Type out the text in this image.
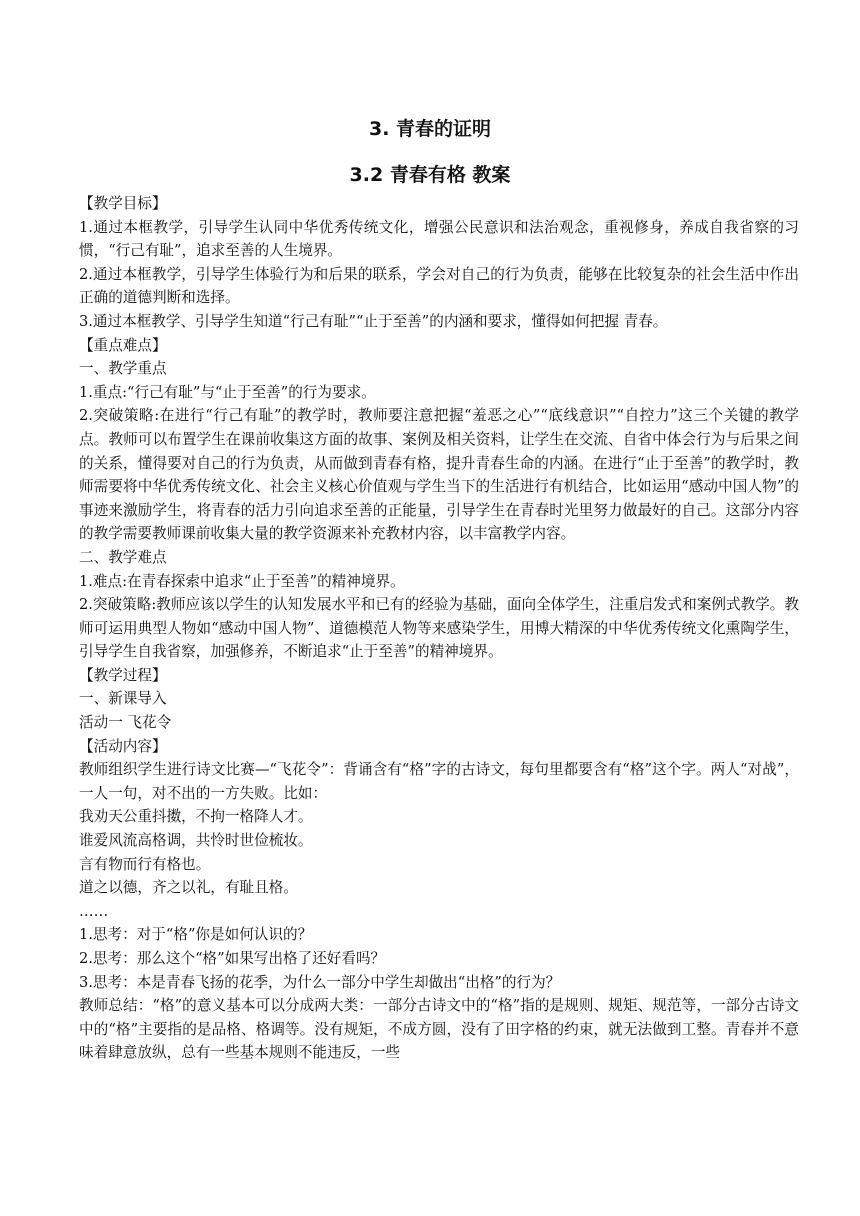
3. 青春的证明
3.2 青春有格 教案

【教学目标】

1.通过本框教学，引导学生认同中华优秀传统文化，增强公民意识和法治观念，重视修身，养成自我省察的习惯，“行己有耻”，追求至善的人生境界。

2.通过本框教学，引导学生体验行为和后果的联系，学会对自己的行为负责，能够在比较复杂的社会生活中作出正确的道德判断和选择。

3.通过本框教学、引导学生知道“行己有耻”“止于至善”的内涵和要求，懂得如何把握 青春。

【重点难点】

一、教学重点

1.重点:“行己有耻”与“止于至善”的行为要求。

2.突破策略:在进行“行己有耻”的教学时，教师要注意把握“羞恶之心”“底线意识”“自控力”这三个关键的教学点。教师可以布置学生在课前收集这方面的故事、案例及相关资料，让学生在交流、自省中体会行为与后果之间的关系，懂得要对自己的行为负责，从而做到青春有格，提升青春生命的内涵。在进行“止于至善”的教学时，教师需要将中华优秀传统文化、社会主义核心价值观与学生当下的生活进行有机结合，比如运用“感动中国人物”的事迹来激励学生，将青春的活力引向追求至善的正能量，引导学生在青春时光里努力做最好的自己。这部分内容的教学需要教师课前收集大量的教学资源来补充教材内容，以丰富教学内容。

二、教学难点

1.难点:在青春探索中追求“止于至善”的精神境界。

2.突破策略:教师应该以学生的认知发展水平和已有的经验为基础，面向全体学生，注重启发式和案例式教学。教师可运用典型人物如“感动中国人物”、道德模范人物等来感染学生，用博大精深的中华优秀传统文化熏陶学生，引导学生自我省察，加强修养，不断追求“止于至善”的精神境界。

【教学过程】

一、新课导入

活动一 飞花令

【活动内容】

教师组织学生进行诗文比赛—“飞花令”：背诵含有“格”字的古诗文，每句里都要含有“格”这个字。两人“对战”，一人一句，对不出的一方失败。比如：

我劝天公重抖擞，不拘一格降人才。

谁爱风流高格调，共怜时世俭梳妆。

言有物而行有格也。

道之以德，齐之以礼，有耻且格。

……

1.思考：对于“格”你是如何认识的？

2.思考：那么这个“格”如果写出格了还好看吗？

3.思考：本是青春飞扬的花季，为什么一部分中学生却做出“出格”的行为？

教师总结：“格”的意义基本可以分成两大类：一部分古诗文中的“格”指的是规则、规矩、规范等，一部分古诗文中的“格”主要指的是品格、格调等。没有规矩，不成方圆，没有了田字格的约束，就无法做到工整。青春并不意味着肆意放纵，总有一些基本规则不能违反，一些
